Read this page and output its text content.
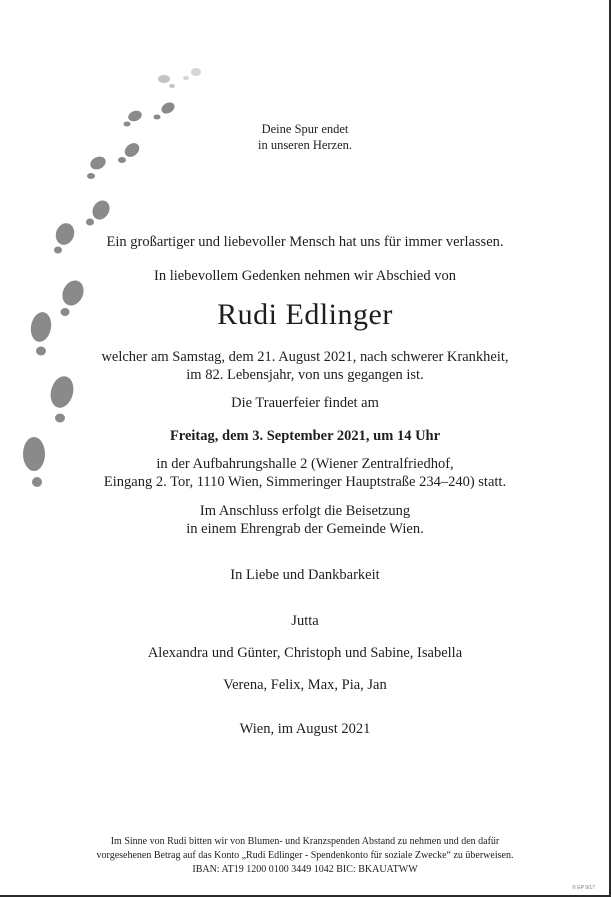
Deine Spur endet
in unseren Herzen.
Ein großartiger und liebevoller Mensch hat uns für immer verlassen.
In liebevollem Gedenken nehmen wir Abschied von
Rudi Edlinger
welcher am Samstag, dem 21. August 2021, nach schwerer Krankheit,
im 82. Lebensjahr, von uns gegangen ist.
Die Trauerfeier findet am
Freitag, dem 3. September 2021, um 14 Uhr
in der Aufbahrungshalle 2 (Wiener Zentralfriedhof,
Eingang 2. Tor, 1110 Wien, Simmeringer Hauptstraße 234–240) statt.
Im Anschluss erfolgt die Beisetzung
in einem Ehrengrab der Gemeinde Wien.
In Liebe und Dankbarkeit
Jutta
Alexandra und Günter, Christoph und Sabine, Isabella
Verena, Felix, Max, Pia, Jan
Wien, im August 2021
Im Sinne von Rudi bitten wir von Blumen- und Kranzspenden Abstand zu nehmen und den dafür
vorgesehenen Betrag auf das Konto „Rudi Edlinger - Spendenkonto für soziale Zwecke“ zu überweisen.
IBAN: AT19 1200 0100 3449 1042 BIC: BKAUATWW
© EP 9/17
